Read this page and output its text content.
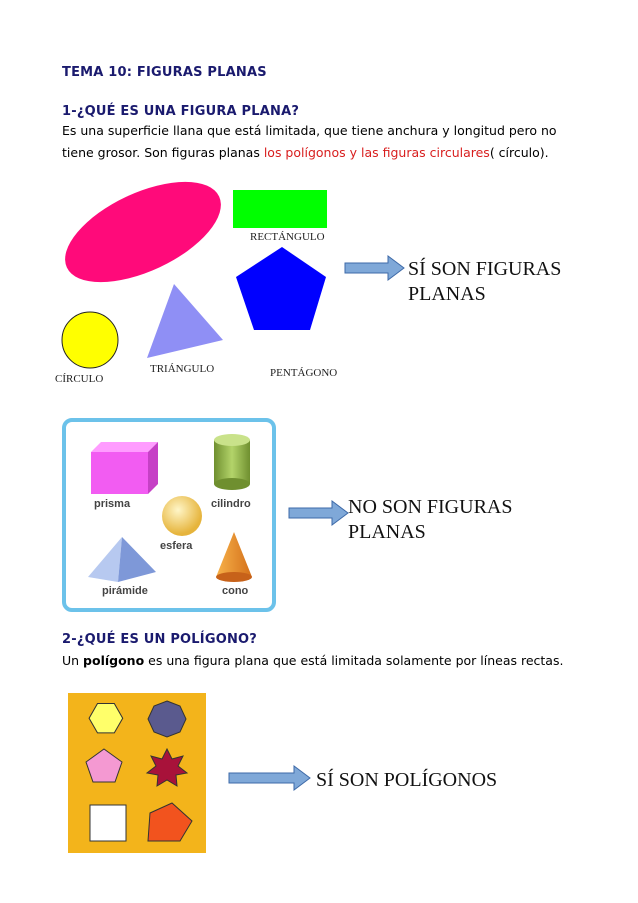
TEMA 10: FIGURAS PLANAS
1-¿QUÉ ES UNA FIGURA PLANA?
Es una superficie llana que está limitada, que tiene anchura y longitud pero no
tiene grosor. Son figuras planas los polígonos y las figuras circulares( círculo).
RECTÁNGULO
TRIÁNGULO	PENTÁGONO
CÍRCULO
SÍ SON FIGURAS
PLANAS
prisma	cilindro
esfera
pirámide	cono
NO SON FIGURAS
PLANAS
2-¿QUÉ ES UN POLÍGONO?
Un polígono es una figura plana que está limitada solamente por líneas rectas.
SÍ SON POLÍGONOS
